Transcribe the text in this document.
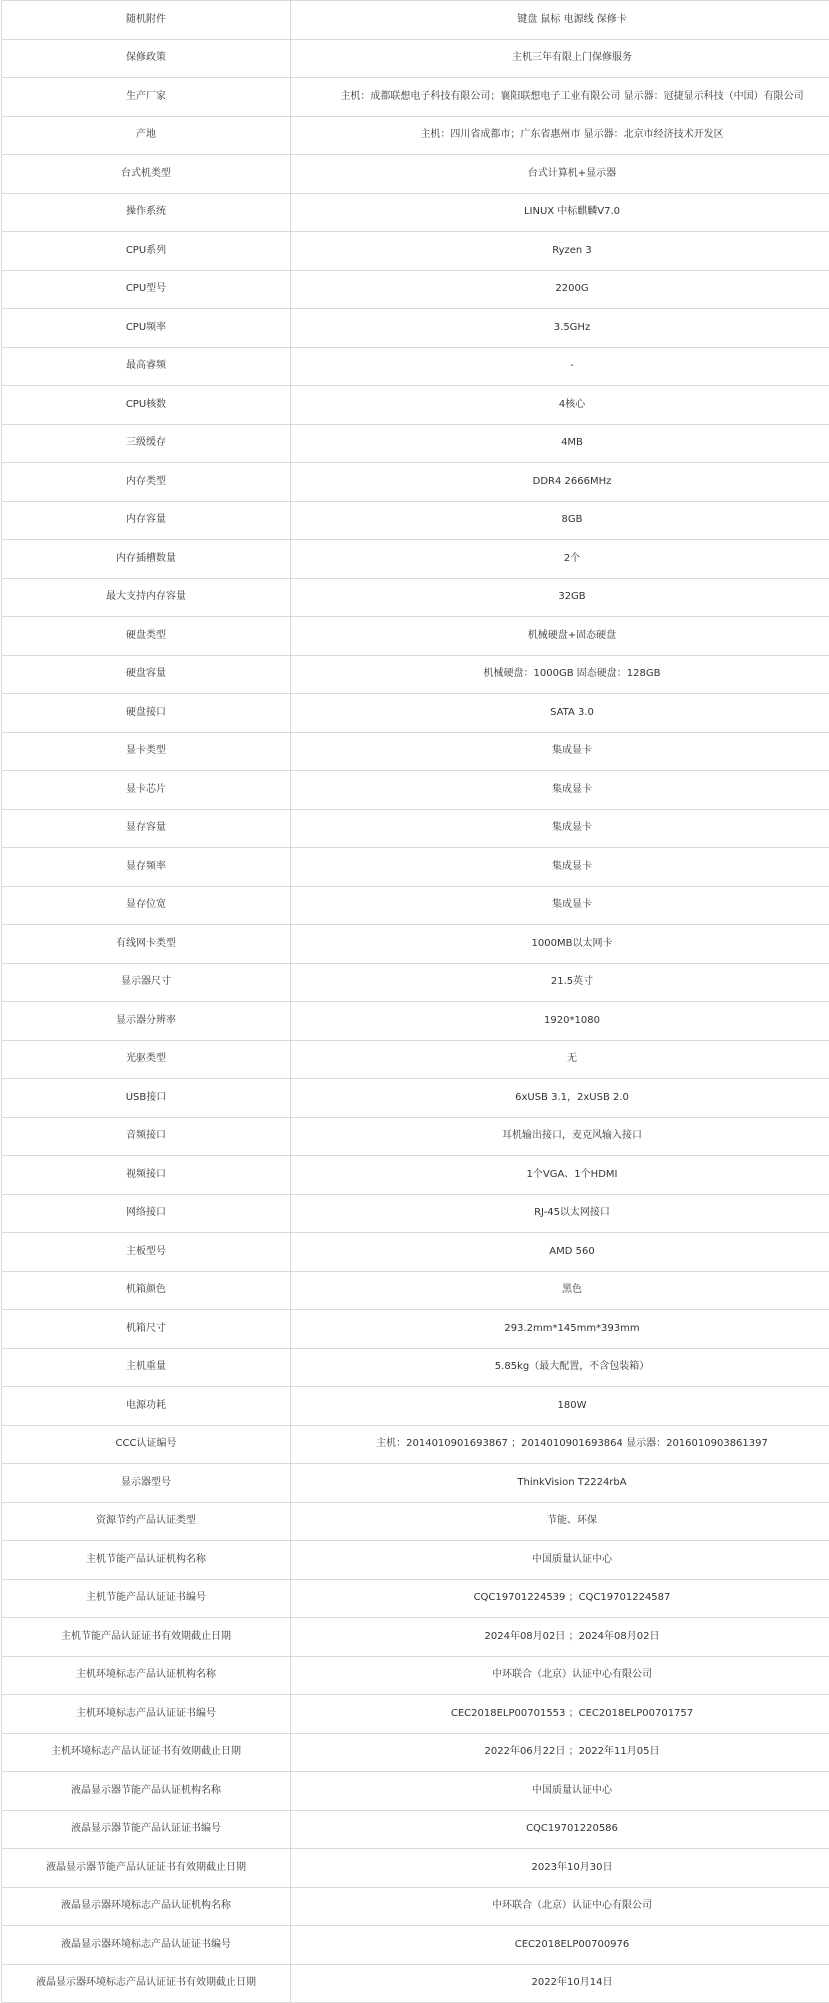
随机附件	键盘 鼠标 电源线 保修卡
保修政策	主机三年有限上门保修服务
生产厂家	主机：成都联想电子科技有限公司；襄阳联想电子工业有限公司 显示器：冠捷显示科技（中国）有限公司
产地	主机：四川省成都市；广东省惠州市 显示器：北京市经济技术开发区
台式机类型	台式计算机+显示器
操作系统	LINUX 中标麒麟V7.0
CPU系列	Ryzen 3
CPU型号	2200G
CPU频率	3.5GHz
最高睿频	-
CPU核数	4核心
三级缓存	4MB
内存类型	DDR4 2666MHz
内存容量	8GB
内存插槽数量	2个
最大支持内存容量	32GB
硬盘类型	机械硬盘+固态硬盘
硬盘容量	机械硬盘：1000GB 固态硬盘：128GB
硬盘接口	SATA 3.0
显卡类型	集成显卡
显卡芯片	集成显卡
显存容量	集成显卡
显存频率	集成显卡
显存位宽	集成显卡
有线网卡类型	1000MB以太网卡
显示器尺寸	21.5英寸
显示器分辨率	1920*1080
光驱类型	无
USB接口	6xUSB 3.1，2xUSB 2.0
音频接口	耳机输出接口，麦克风输入接口
视频接口	1个VGA、1个HDMI
网络接口	RJ-45以太网接口
主板型号	AMD 560
机箱颜色	黑色
机箱尺寸	293.2mm*145mm*393mm
主机重量	5.85kg（最大配置，不含包装箱）
电源功耗	180W
CCC认证编号	主机：2014010901693867 ；2014010901693864 显示器：2016010903861397
显示器型号	ThinkVision T2224rbA
资源节约产品认证类型	节能、环保
主机节能产品认证机构名称	中国质量认证中心
主机节能产品认证证书编号	CQC19701224539 ；CQC19701224587
主机节能产品认证证书有效期截止日期	2024年08月02日 ；2024年08月02日
主机环境标志产品认证机构名称	中环联合（北京）认证中心有限公司
主机环境标志产品认证证书编号	CEC2018ELP00701553 ；CEC2018ELP00701757
主机环境标志产品认证证书有效期截止日期	2022年06月22日 ；2022年11月05日
液晶显示器节能产品认证机构名称	中国质量认证中心
液晶显示器节能产品认证证书编号	CQC19701220586
液晶显示器节能产品认证证书有效期截止日期	2023年10月30日
液晶显示器环境标志产品认证机构名称	中环联合（北京）认证中心有限公司
液晶显示器环境标志产品认证证书编号	CEC2018ELP00700976
液晶显示器环境标志产品认证证书有效期截止日期	2022年10月14日
